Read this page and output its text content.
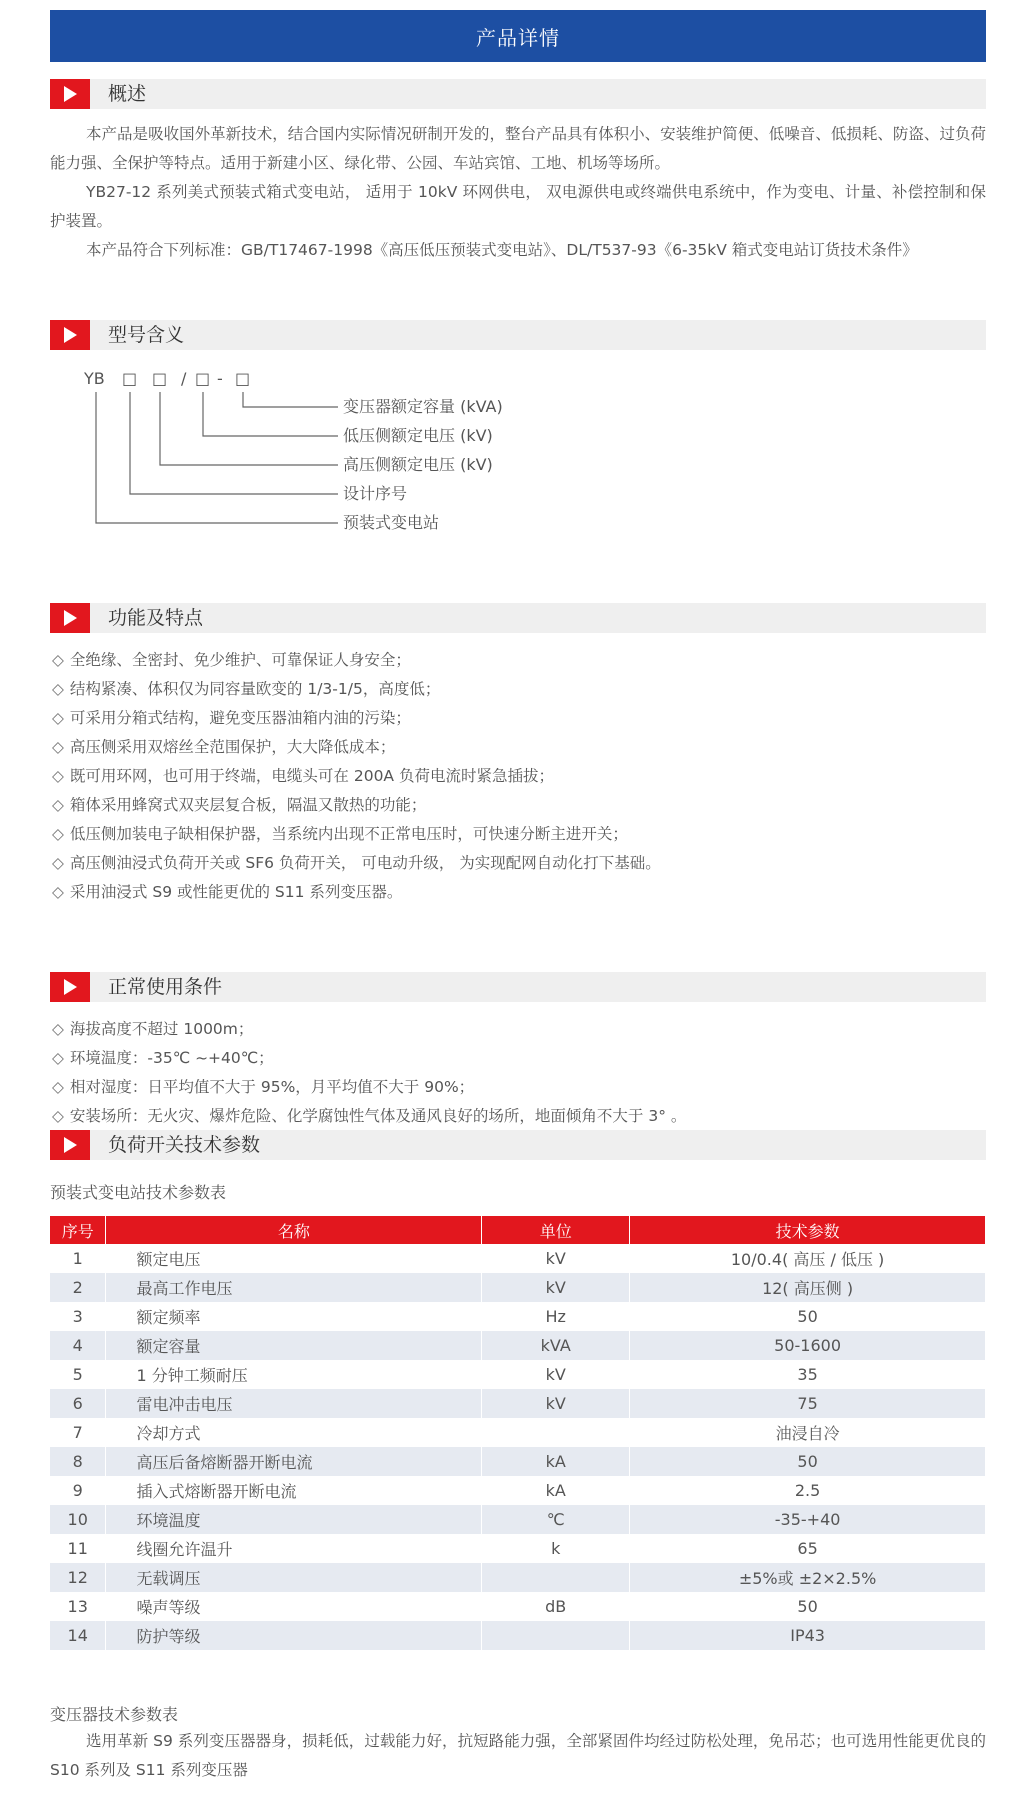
产品详情
概述

本产品是吸收国外革新技术，结合国内实际情况研制开发的，整台产品具有体积小、安装维护简便、低噪音、低损耗、防盗、过负荷能力强、全保护等特点。适用于新建小区、绿化带、公园、车站宾馆、工地、机场等场所。

YB27-12 系列美式预装式箱式变电站， 适用于 10kV 环网供电， 双电源供电或终端供电系统中，作为变电、计量、补偿控制和保护装置。

本产品符合下列标准：GB/T17467-1998《高压低压预装式变电站》、DL/T537-93《6-35kV 箱式变电站订货技术条件》

型号含义
YB □ □ / □ - □
变压器额定容量 (kVA)
低压侧额定电压 (kV)
高压侧额定电压 (kV)
设计序号
预装式变电站
功能及特点
◇ 全绝缘、全密封、免少维护、可靠保证人身安全；
◇ 结构紧凑、体积仅为同容量欧变的 1/3-1/5，高度低；
◇ 可采用分箱式结构，避免变压器油箱内油的污染；
◇ 高压侧采用双熔丝全范围保护，大大降低成本；
◇ 既可用环网，也可用于终端，电缆头可在 200A 负荷电流时紧急插拔；
◇ 箱体采用蜂窝式双夹层复合板，隔温又散热的功能；
◇ 低压侧加装电子缺相保护器，当系统内出现不正常电压时，可快速分断主进开关；
◇ 高压侧油浸式负荷开关或 SF6 负荷开关， 可电动升级， 为实现配网自动化打下基础。
◇ 采用油浸式 S9 或性能更优的 S11 系列变压器。
正常使用条件
◇ 海拔高度不超过 1000m；
◇ 环境温度：-35℃ ~+40℃；
◇ 相对湿度：日平均值不大于 95%，月平均值不大于 90%；
◇ 安装场所：无火灾、爆炸危险、化学腐蚀性气体及通风良好的场所，地面倾角不大于 3° 。
负荷开关技术参数
预装式变电站技术参数表
序号	名称	单位	技术参数
1	额定电压	kV	10/0.4( 高压 / 低压 )
2	最高工作电压	kV	12( 高压侧 )
3	额定频率	Hz	50
4	额定容量	kVA	50-1600
5	1 分钟工频耐压	kV	35
6	雷电冲击电压	kV	75
7	冷却方式		油浸自冷
8	高压后备熔断器开断电流	kA	50
9	插入式熔断器开断电流	kA	2.5
10	环境温度	℃	-35-+40
11	线圈允许温升	k	65
12	无载调压		±5%或 ±2×2.5%
13	噪声等级	dB	50
14	防护等级		IP43
变压器技术参数表

选用革新 S9 系列变压器器身，损耗低，过载能力好，抗短路能力强，全部紧固件均经过防松处理，免吊芯；也可选用性能更优良的 S10 系列及 S11 系列变压器
